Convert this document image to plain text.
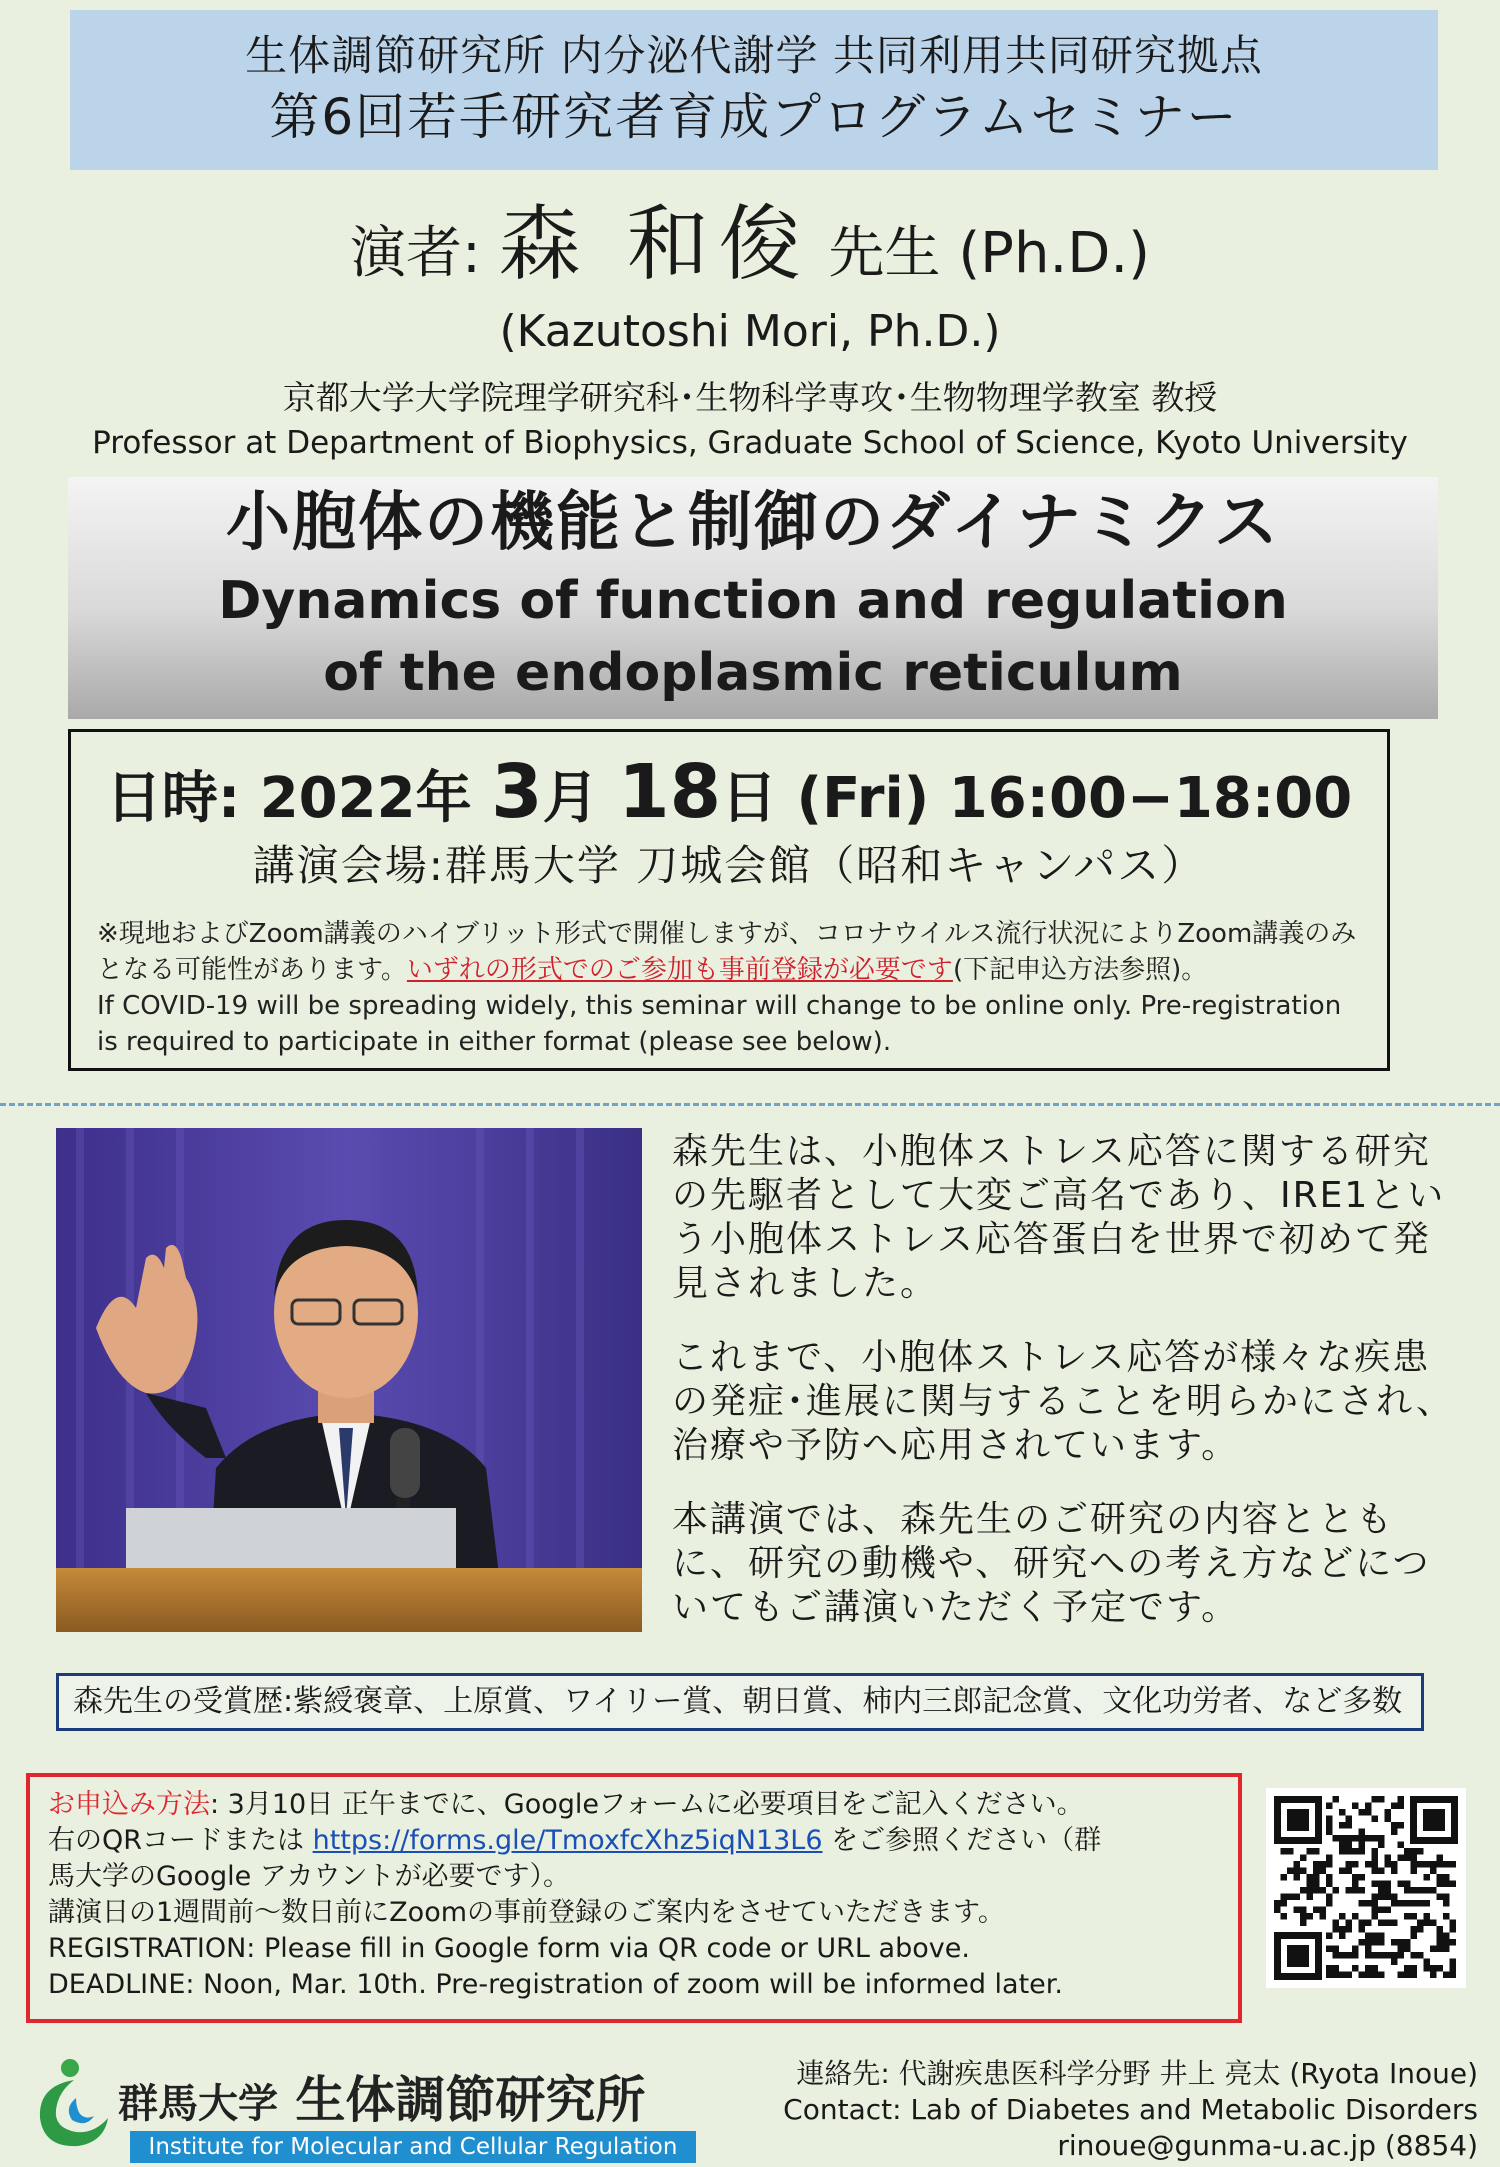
生体調節研究所 内分泌代謝学 共同利用共同研究拠点
第6回若手研究者育成プログラムセミナー
演者: 森 和俊 先生 (Ph.D.)
(Kazutoshi Mori, Ph.D.)
京都大学大学院理学研究科･生物科学専攻･生物物理学教室 教授
Professor at Department of Biophysics, Graduate School of Science, Kyoto University
小胞体の機能と制御のダイナミクス
Dynamics of function and regulation
of the endoplasmic reticulum
日時: 2022年 3月 18日 (Fri) 16:00−18:00
講演会場:群馬大学 刀城会館（昭和キャンパス）
※現地およびZoom講義のハイブリット形式で開催しますが、コロナウイルス流行状況によりZoom講義のみとなる可能性があります。いずれの形式でのご参加も事前登録が必要です(下記申込方法参照)。
If COVID-19 will be spreading widely, this seminar will change to be online only. Pre-registration is required to participate in either format (please see below).

森先生は、小胞体ストレス応答に関する研究の先駆者として大変ご高名であり、IRE1という小胞体ストレス応答蛋白を世界で初めて発見されました。

これまで、小胞体ストレス応答が様々な疾患の発症･進展に関与することを明らかにされ、治療や予防へ応用されています。

本講演では、森先生のご研究の内容とともに、研究の動機や、研究への考え方などについてもご講演いただく予定です。

森先生の受賞歴:紫綬褒章、上原賞、ワイリー賞、朝日賞、柿内三郎記念賞、文化功労者、など多数
お申込み方法: 3月10日 正午までに、Googleフォームに必要項目をご記入ください。
右のQRコードまたは https://forms.gle/TmoxfcXhz5iqN13L6 をご参照ください（群
馬大学のGoogle アカウントが必要です）。
講演日の1週間前〜数日前にZoomの事前登録のご案内をさせていただきます。
REGISTRATION: Please fill in Google form via QR code or URL above.
DEADLINE: Noon, Mar. 10th. Pre-registration of zoom will be informed later.
群馬大学 生体調節研究所
Institute for Molecular and Cellular Regulation
連絡先: 代謝疾患医科学分野 井上 亮太 (Ryota Inoue)
Contact: Lab of Diabetes and Metabolic Disorders
rinoue@gunma-u.ac.jp (8854)
